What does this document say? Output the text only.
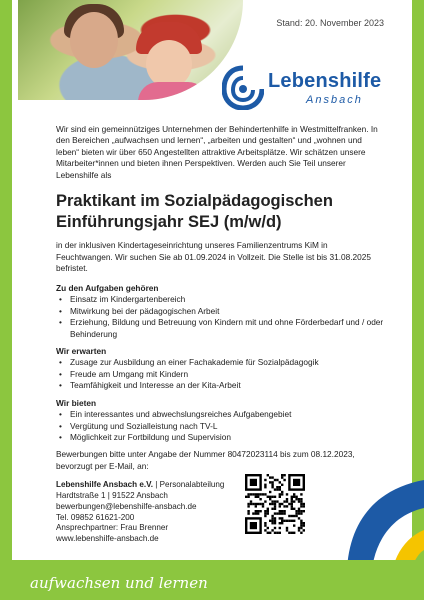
Stand: 20. November 2023
Lebenshilfe
Ansbach

Wir sind ein gemeinnütziges Unternehmen der Behindertenhilfe in Westmittelfranken. In den Bereichen „aufwachsen und lernen“, „arbeiten und gestalten“ und „wohnen und leben“ bieten wir über 650 Angestellten attraktive Arbeitsplätze. Wir schätzen unsere Mitarbeiter*innen und bieten ihnen Perspektiven. Werden auch Sie Teil unserer Lebenshilfe als

Praktikant im Sozialpädagogischen
Einführungsjahr SEJ (m/w/d)

in der inklusiven Kindertageseinrichtung unseres Familienzentrums KiM in Feuchtwangen. Wir suchen Sie ab 01.09.2024 in Vollzeit. Die Stelle ist bis 31.08.2025 befristet.

Zu den Aufgaben gehören
• Einsatz im Kindergartenbereich
• Mitwirkung bei der pädagogischen Arbeit
• Erziehung, Bildung und Betreuung von Kindern mit und ohne Förderbedarf und / oder Behinderung
Wir erwarten
• Zusage zur Ausbildung an einer Fachakademie für Sozialpädagogik
• Freude am Umgang mit Kindern
• Teamfähigkeit und Interesse an der Kita-Arbeit
Wir bieten
• Ein interessantes und abwechslungsreiches Aufgabengebiet
• Vergütung und Sozialleistung nach TV-L
• Möglichkeit zur Fortbildung und Supervision

Bewerbungen bitte unter Angabe der Nummer 80472023114 bis zum 08.12.2023, bevorzugt per E-Mail, an:

Lebenshilfe Ansbach e.V. | Personalabteilung
Hardtstraße 1 | 91522 Ansbach
bewerbungen@lebenshilfe-ansbach.de
Tel. 09852 61621-200
Ansprechpartner: Frau Brenner
www.lebenshilfe-ansbach.de
aufwachsen und lernen
